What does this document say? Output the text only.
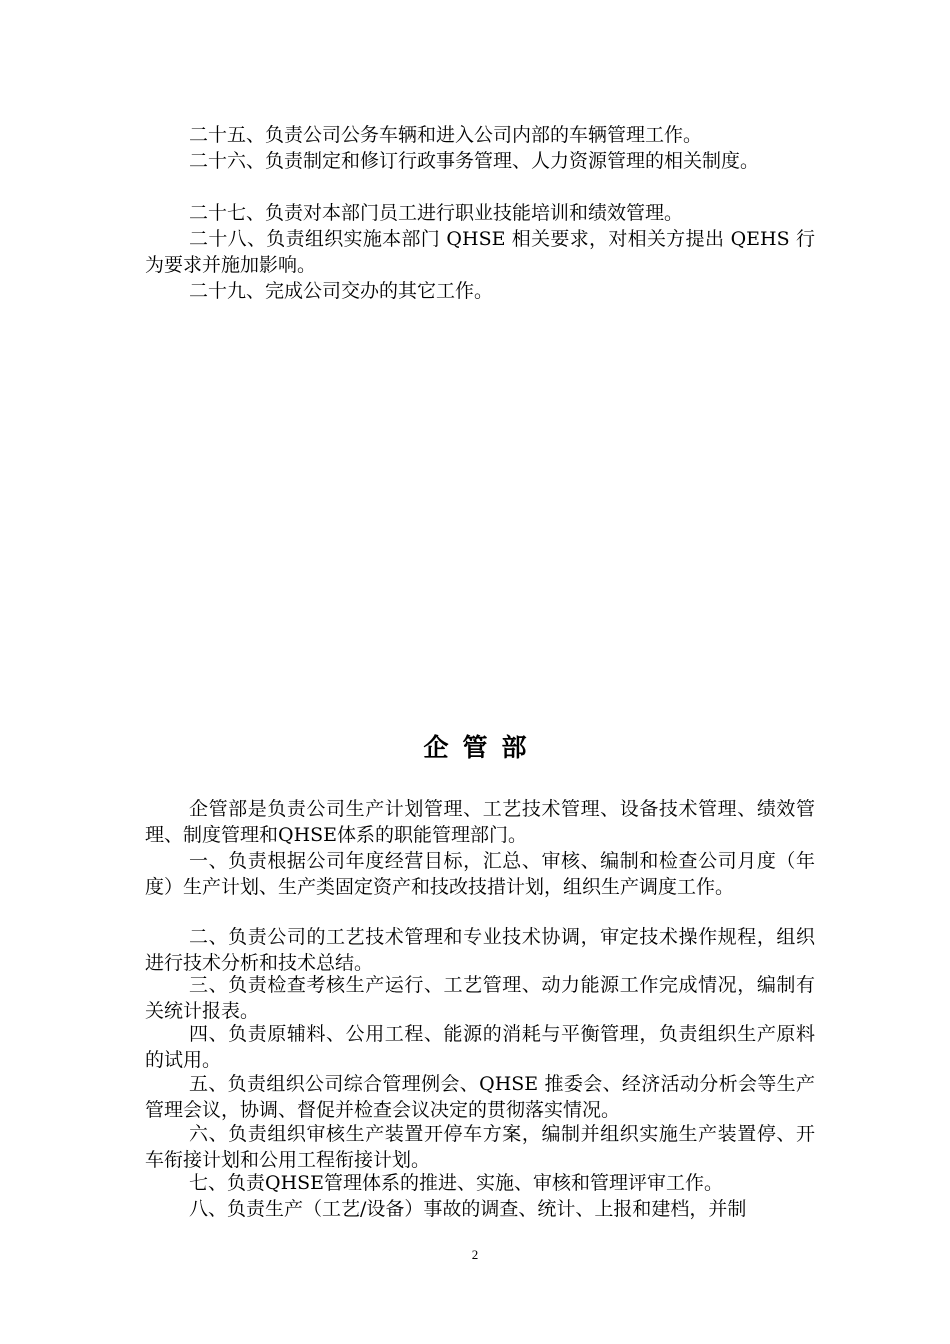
二十五、负责公司公务车辆和进入公司内部的车辆管理工作。

二十六、负责制定和修订行政事务管理、人力资源管理的相关制度。

二十七、负责对本部门员工进行职业技能培训和绩效管理。

二十八、负责组织实施本部门 QHSE 相关要求，对相关方提出 QEHS 行为要求并施加影响。

二十九、完成公司交办的其它工作。

企管部

企管部是负责公司生产计划管理、工艺技术管理、设备技术管理、绩效管理、制度管理和QHSE体系的职能管理部门。

一、负责根据公司年度经营目标，汇总、审核、编制和检查公司月度（年度）生产计划、生产类固定资产和技改技措计划，组织生产调度工作。

二、负责公司的工艺技术管理和专业技术协调，审定技术操作规程，组织进行技术分析和技术总结。

三、负责检查考核生产运行、工艺管理、动力能源工作完成情况，编制有关统计报表。

四、负责原辅料、公用工程、能源的消耗与平衡管理，负责组织生产原料的试用。

五、负责组织公司综合管理例会、QHSE 推委会、经济活动分析会等生产管理会议，协调、督促并检查会议决定的贯彻落实情况。

六、负责组织审核生产装置开停车方案，编制并组织实施生产装置停、开车衔接计划和公用工程衔接计划。

七、负责QHSE管理体系的推进、实施、审核和管理评审工作。

八、负责生产（工艺/设备）事故的调查、统计、上报和建档，并制

2
